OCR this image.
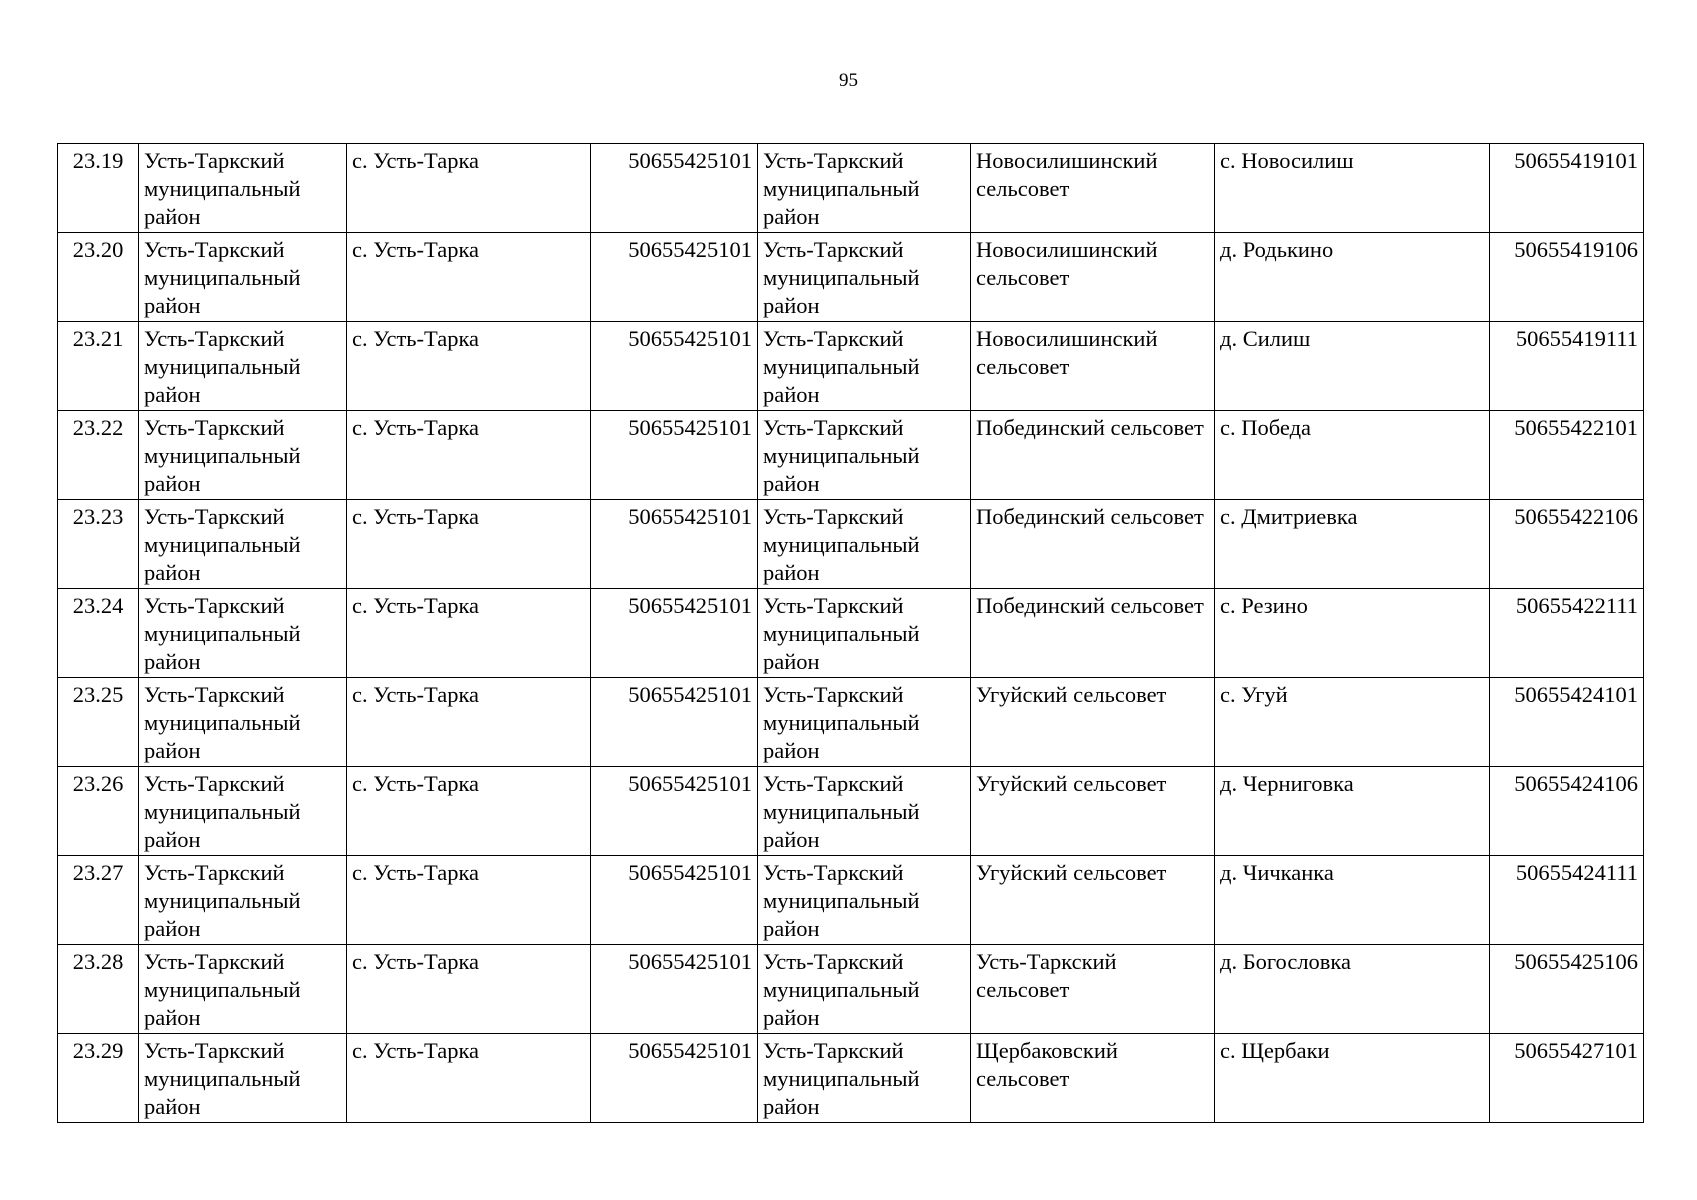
95
23.19	Усть-Таркский муниципальный район	с. Усть-Тарка	50655425101	Усть-Таркский муниципальный район	Новосилишинский сельсовет	с. Новосилиш	50655419101
23.20	Усть-Таркский муниципальный район	с. Усть-Тарка	50655425101	Усть-Таркский муниципальный район	Новосилишинский сельсовет	д. Родькино	50655419106
23.21	Усть-Таркский муниципальный район	с. Усть-Тарка	50655425101	Усть-Таркский муниципальный район	Новосилишинский сельсовет	д. Силиш	50655419111
23.22	Усть-Таркский муниципальный район	с. Усть-Тарка	50655425101	Усть-Таркский муниципальный район	Побединский сельсовет	с. Победа	50655422101
23.23	Усть-Таркский муниципальный район	с. Усть-Тарка	50655425101	Усть-Таркский муниципальный район	Побединский сельсовет	с. Дмитриевка	50655422106
23.24	Усть-Таркский муниципальный район	с. Усть-Тарка	50655425101	Усть-Таркский муниципальный район	Побединский сельсовет	с. Резино	50655422111
23.25	Усть-Таркский муниципальный район	с. Усть-Тарка	50655425101	Усть-Таркский муниципальный район	Угуйский сельсовет	с. Угуй	50655424101
23.26	Усть-Таркский муниципальный район	с. Усть-Тарка	50655425101	Усть-Таркский муниципальный район	Угуйский сельсовет	д. Черниговка	50655424106
23.27	Усть-Таркский муниципальный район	с. Усть-Тарка	50655425101	Усть-Таркский муниципальный район	Угуйский сельсовет	д. Чичканка	50655424111
23.28	Усть-Таркский муниципальный район	с. Усть-Тарка	50655425101	Усть-Таркский муниципальный район	Усть-Таркский сельсовет	д. Богословка	50655425106
23.29	Усть-Таркский муниципальный район	с. Усть-Тарка	50655425101	Усть-Таркский муниципальный район	Щербаковский сельсовет	с. Щербаки	50655427101
